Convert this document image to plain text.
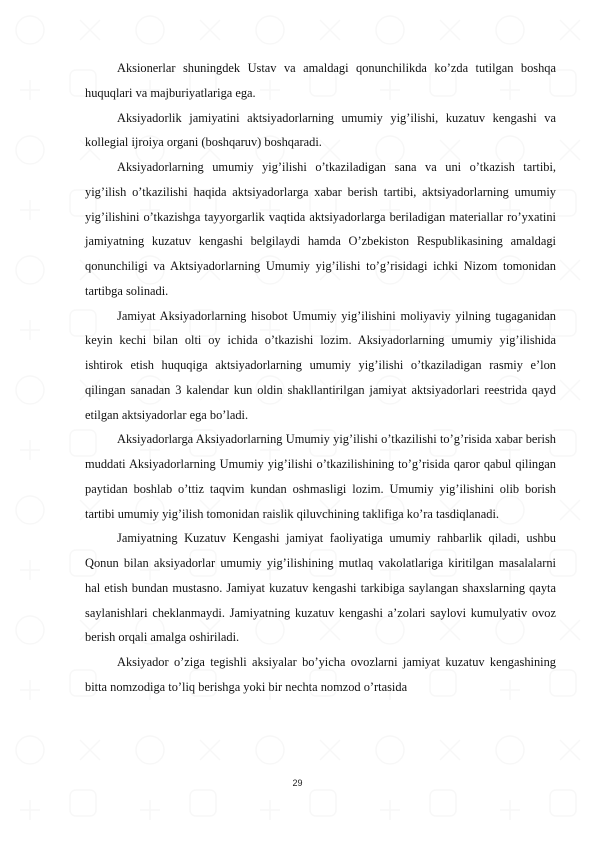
Aksionerlar shuningdek Ustav va amaldagi qonunchilikda ko’zda tutilgan boshqa huquqlari va majburiyatlariga ega.

Aksiyadorlik jamiyatini aktsiyadorlarning umumiy yig’ilishi, kuzatuv kengashi va kollegial ijroiya organi (boshqaruv) boshqaradi.

Aksiyadorlarning umumiy yig’ilishi o’tkaziladigan sana va uni o’tkazish tartibi, yig’ilish o’tkazilishi haqida aktsiyadorlarga xabar berish tartibi, aktsiyadorlarning umumiy yig’ilishini o’tkazishga tayyorgarlik vaqtida aktsiyadorlarga beriladigan materiallar ro’yxatini jamiyatning kuzatuv kengashi belgilaydi hamda O’zbekiston Respublikasining amaldagi qonunchiligi va Aktsiyadorlarning Umumiy yig’ilishi to’g’risidagi ichki Nizom tomonidan tartibga solinadi.

Jamiyat Aksiyadorlarning hisobot Umumiy yig’ilishini moliyaviy yilning tugaganidan keyin kechi bilan olti oy ichida o’tkazishi lozim. Aksiyadorlarning umumiy yig’ilishida ishtirok etish huquqiga aktsiyadorlarning umumiy yig’ilishi o’tkaziladigan rasmiy e’lon qilingan sanadan 3 kalendar kun oldin shakllantirilgan jamiyat aktsiyadorlari reestrida qayd etilgan aktsiyadorlar ega bo’ladi.

Aksiyadorlarga Aksiyadorlarning Umumiy yig’ilishi o’tkazilishi to’g’risida xabar berish muddati Aksiyadorlarning Umumiy yig’ilishi o’tkazilishining to’g’risida qaror qabul qilingan paytidan boshlab o’ttiz taqvim kundan oshmasligi lozim. Umumiy yig’ilishini olib borish tartibi umumiy yig’ilish tomonidan raislik qiluvchining taklifiga ko’ra tasdiqlanadi.

Jamiyatning Kuzatuv Kengashi jamiyat faoliyatiga umumiy rahbarlik qiladi, ushbu Qonun bilan aksiyadorlar umumiy yig’ilishining mutlaq vakolatlariga kiritilgan masalalarni hal etish bundan mustasno. Jamiyat kuzatuv kengashi tarkibiga saylangan shaxslarning qayta saylanishlari cheklanmaydi. Jamiyatning kuzatuv kengashi a’zolari saylovi kumulyativ ovoz berish orqali amalga oshiriladi.

Aksiyador o’ziga tegishli aksiyalar bo’yicha ovozlarni jamiyat kuzatuv kengashining bitta nomzodiga to’liq berishga yoki bir nechta nomzod o’rtasida

29
